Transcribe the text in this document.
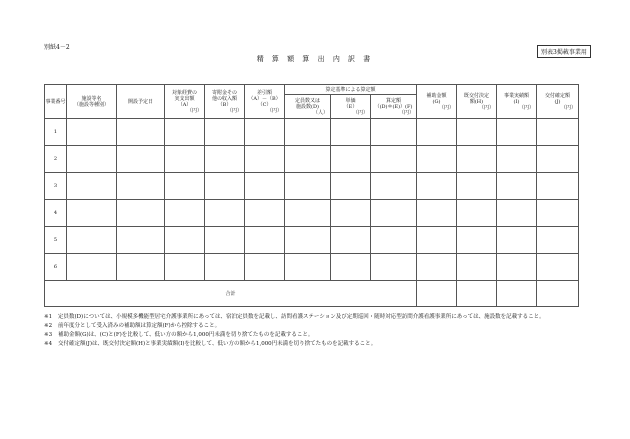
別紙4－2
精 算 額 算 出 内 訳 書
別表3掲載事業用
事業番号	施設等名
（施設等種別）	開設予定日	対象経費の
実支出額
（A）
（円）	寄附金その
他の収入額
（B）
（円）	差引額
（A）－（B）
（C）
（円）	算定基準による算定額			補助金額
(G)
（円）	既交付決定
額(H)
（円）	事業実績額
(I)
（円）	交付確定額
(J)
（円）

						定員数又は
施設数(D)
（人）	単価
（E）
（円）	算定額
（(D)＊(E)）(F)
（円）				

1												
2												
3												
4												
5												
6												
合計												
※1	定員数(D)については、小規模多機能型居宅介護事業所にあっては、宿泊定員数を記載し、訪問看護ステーション及び定期巡回・随時対応型訪問介護看護事業所にあっては、施設数を記載すること。
※2	前年度分として受入済みの補助額は算定額(F)から控除すること。
※3	補助金額(G)は、(C)と(F)を比較して、低い方の額から1,000円未満を切り捨てたものを記載すること。
※4	交付確定額(J)は、既交付決定額(H)と事業実績額(I)を比較して、低い方の額から1,000円未満を切り捨てたものを記載すること。
